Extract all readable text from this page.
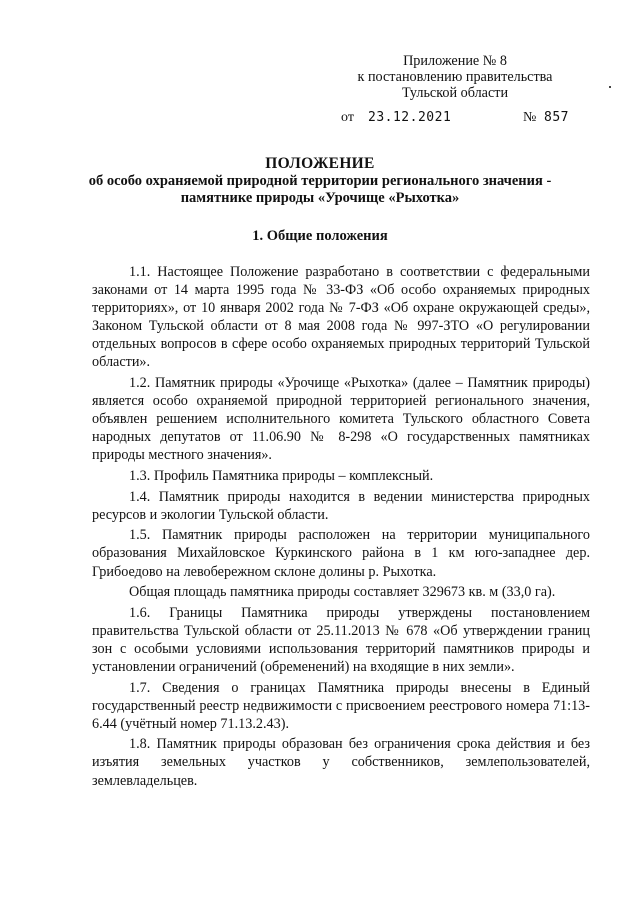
Приложение № 8
к постановлению правительства
Тульской области
от 23.12.2021	№ 857
ПОЛОЖЕНИЕ
об особо охраняемой природной территории регионального значения -
памятнике природы «Урочище «Рыхотка»
1. Общие положения

1.1. Настоящее Положение разработано в соответствии с федеральными законами от 14 марта 1995 года № 33-ФЗ «Об особо охраняемых природных территориях», от 10 января 2002 года № 7-ФЗ «Об охране окружающей среды», Законом Тульской области от 8 мая 2008 года № 997-ЗТО «О регулировании отдельных вопросов в сфере особо охраняемых природных территорий Тульской области».

1.2. Памятник природы «Урочище «Рыхотка» (далее – Памятник природы) является особо охраняемой природной территорией регионального значения, объявлен решением исполнительного комитета Тульского областного Совета народных депутатов от 11.06.90 № 8-298 «О государственных памятниках природы местного значения».

1.3. Профиль Памятника природы – комплексный.

1.4. Памятник природы находится в ведении министерства природных ресурсов и экологии Тульской области.

1.5. Памятник природы расположен на территории муниципального образования Михайловское Куркинского района в 1 км юго-западнее дер. Грибоедово на левобережном склоне долины р. Рыхотка.

Общая площадь памятника природы составляет 329673 кв. м (33,0 га).

1.6. Границы Памятника природы утверждены постановлением правительства Тульской области от 25.11.2013 № 678 «Об утверждении границ зон с особыми условиями использования территорий памятников природы и установлении ограничений (обременений) на входящие в них земли».

1.7. Сведения о границах Памятника природы внесены в Единый государственный реестр недвижимости с присвоением реестрового номера 71:13-6.44 (учётный номер 71.13.2.43).

1.8. Памятник природы образован без ограничения срока действия и без изъятия земельных участков у собственников, землепользователей, землевладельцев.
